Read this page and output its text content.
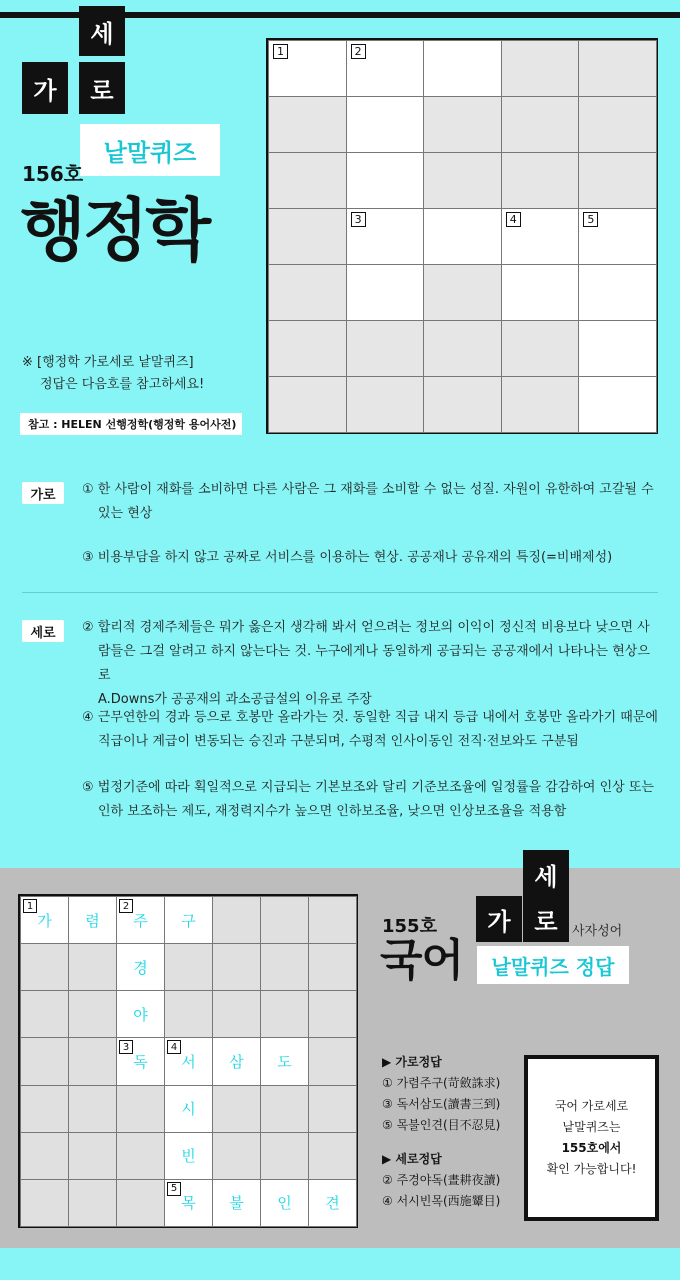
세
가	로
낱말퀴즈
156호
행정학
※ [행정학 가로세로 낱말퀴즈]
정답은 다음호를 참고하세요!
참고 : HELEN 선행정학(행정학 용어사전)
1	2
3	4	5
가로	① 한 사람이 재화를 소비하면 다른 사람은 그 재화를 소비할 수 없는 성질. 자원이 유한하여 고갈될 수
있는 현상
③ 비용부담을 하지 않고 공짜로 서비스를 이용하는 현상. 공공재나 공유재의 특징(=비배제성)
세로	② 합리적 경제주체들은 뭐가 옳은지 생각해 봐서 얻으려는 정보의 이익이 정신적 비용보다 낮으면 사
람들은 그걸 알려고 하지 않는다는 것. 누구에게나 동일하게 공급되는 공공재에서 나타나는 현상으로
A.Downs가 공공재의 과소공급설의 이유로 주장
④ 근무연한의 경과 등으로 호봉만 올라가는 것. 동일한 직급 내지 등급 내에서 호봉만 올라가기 때문에
직급이나 계급이 변동되는 승진과 구분되며, 수평적 인사이동인 전직·전보와도 구분됨
⑤ 법정기준에 따라 획일적으로 지급되는 기본보조와 달리 기준보조율에 일정률을 감감하여 인상 또는
인하 보조하는 제도, 재정력지수가 높으면 인하보조율, 낮으면 인상보조율을 적용함
가
1
렴 주
2
구
경
야
독
3
서
4
삼 도
시
빈
목
5
불 인 견
세
가 로	사자성어
155호
국어	낱말퀴즈 정답
▶ 가로정답
① 가렴주구(苛斂誅求)
③ 독서삼도(讀書三到)
⑤ 목불인견(目不忍見)
▶ 세로정답
② 주경야독(晝耕夜讀)
④ 서시빈목(西施顰目)
국어 가로세로
낱말퀴즈는
155호에서
확인 가능합니다!
